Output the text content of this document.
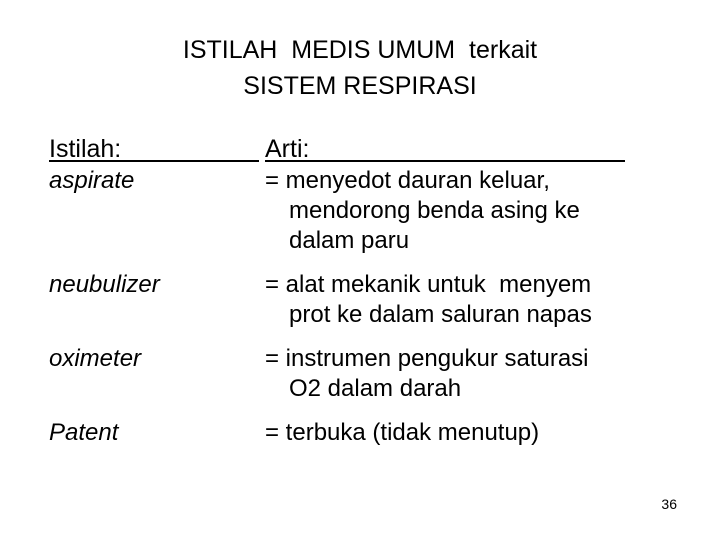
ISTILAH  MEDIS UMUM  terkait
SISTEM RESPIRASI
Istilah:
aspirate
neubulizer
oximeter
Patent
Arti:
= menyedot dauran keluar,
mendorong benda asing ke
dalam paru
= alat mekanik untuk  menyem
prot ke dalam saluran napas
= instrumen pengukur saturasi
O2 dalam darah
= terbuka (tidak menutup)
36
